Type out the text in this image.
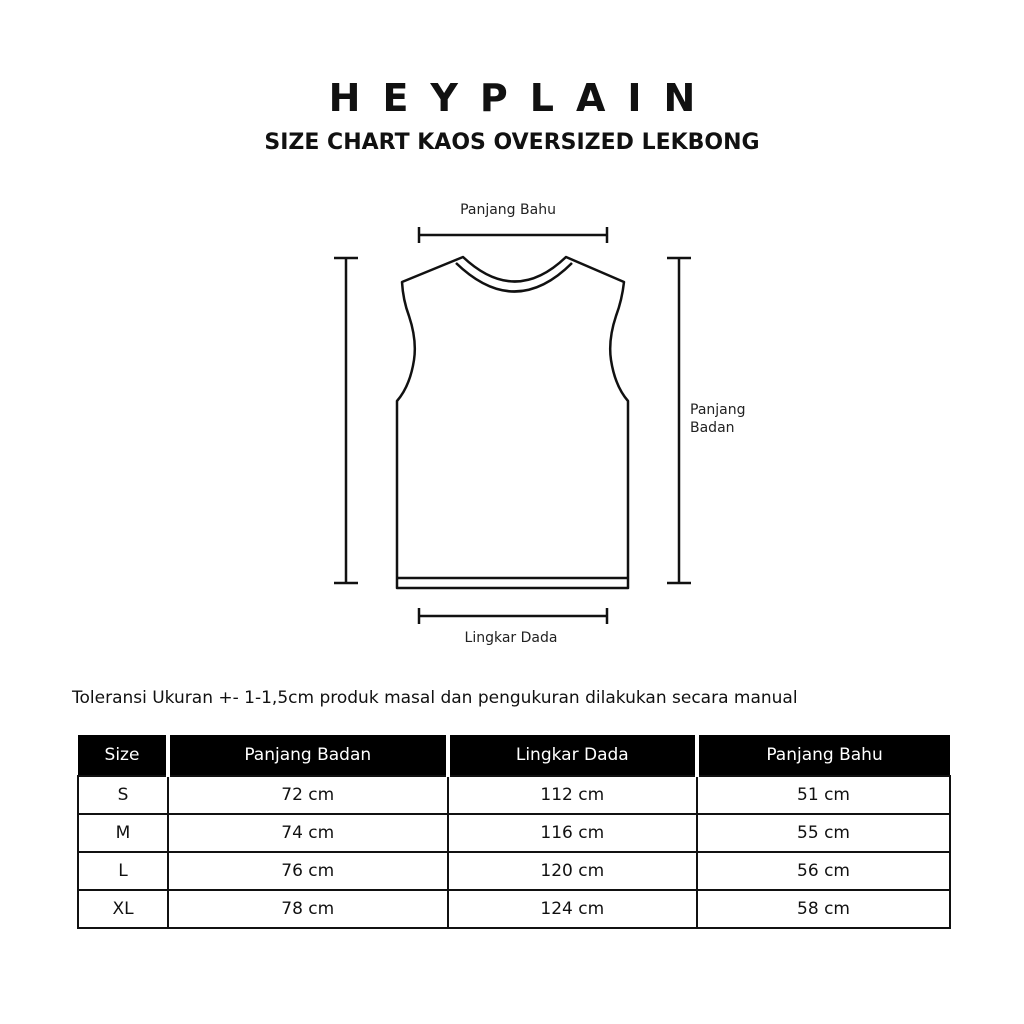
HEYPLAIN
SIZE CHART KAOS OVERSIZED LEKBONG
Panjang Bahu
Panjang
Badan
Lingkar Dada
Toleransi Ukuran +- 1-1,5cm produk masal dan pengukuran dilakukan secara manual
Size	Panjang Badan	Lingkar Dada	Panjang Bahu
S	72 cm	112 cm	51 cm
M	74 cm	116 cm	55 cm
L	76 cm	120 cm	56 cm
XL	78 cm	124 cm	58 cm
